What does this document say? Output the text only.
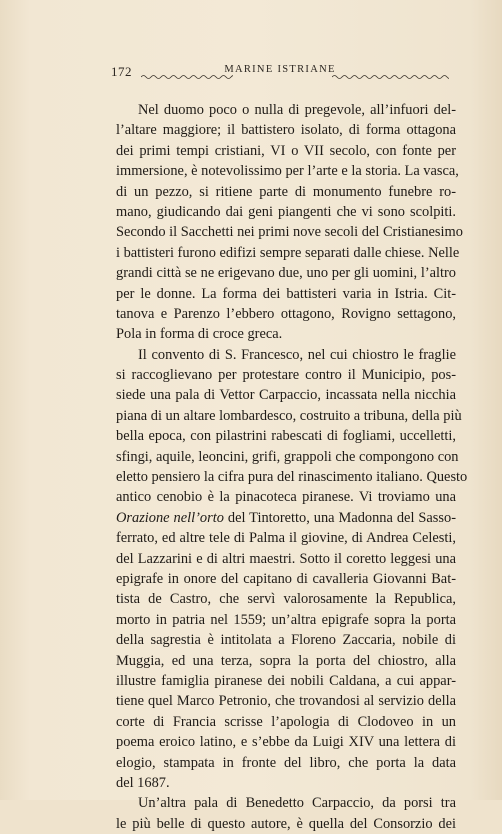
172	MARINE ISTRIANE
Nel duomo poco o nulla di pregevole, all’infuori del-
l’altare maggiore; il battistero isolato, di forma ottagona
dei primi tempi cristiani, VI o VII secolo, con fonte per
immersione, è notevolissimo per l’arte e la storia. La vasca,
di un pezzo, si ritiene parte di monumento funebre ro-
mano, giudicando dai geni piangenti che vi sono scolpiti.
Secondo il Sacchetti nei primi nove secoli del Cristianesimo
i battisteri furono edifizi sempre separati dalle chiese. Nelle
grandi città se ne erigevano due, uno per gli uomini, l’altro
per le donne. La forma dei battisteri varia in Istria. Cit-
tanova e Parenzo l’ebbero ottagono, Rovigno settagono,
Pola in forma di croce greca.
Il convento di S. Francesco, nel cui chiostro le fraglie
si raccoglievano per protestare contro il Municipio, pos-
siede una pala di Vettor Carpaccio, incassata nella nicchia
piana di un altare lombardesco, costruito a tribuna, della più
bella epoca, con pilastrini rabescati di fogliami, uccelletti,
sfingi, aquile, leoncini, grifi, grappoli che compongono con
eletto pensiero la cifra pura del rinascimento italiano. Questo
antico cenobio è la pinacoteca piranese. Vi troviamo una
Orazione nell’orto del Tintoretto, una Madonna del Sasso-
ferrato, ed altre tele di Palma il giovine, di Andrea Celesti,
del Lazzarini e di altri maestri. Sotto il coretto leggesi una
epigrafe in onore del capitano di cavalleria Giovanni Bat-
tista de Castro, che servì valorosamente la Republica,
morto in patria nel 1559; un’altra epigrafe sopra la porta
della sagrestia è intitolata a Floreno Zaccaria, nobile di
Muggia, ed una terza, sopra la porta del chiostro, alla
illustre famiglia piranese dei nobili Caldana, a cui appar-
tiene quel Marco Petronio, che trovandosi al servizio della
corte di Francia scrisse l’apologia di Clodoveo in un
poema eroico latino, e s’ebbe da Luigi XIV una lettera di
elogio, stampata in fronte del libro, che porta la data
del 1687.
Un’altra pala di Benedetto Carpaccio, da porsi tra
le più belle di questo autore, è quella del Consorzio dei
